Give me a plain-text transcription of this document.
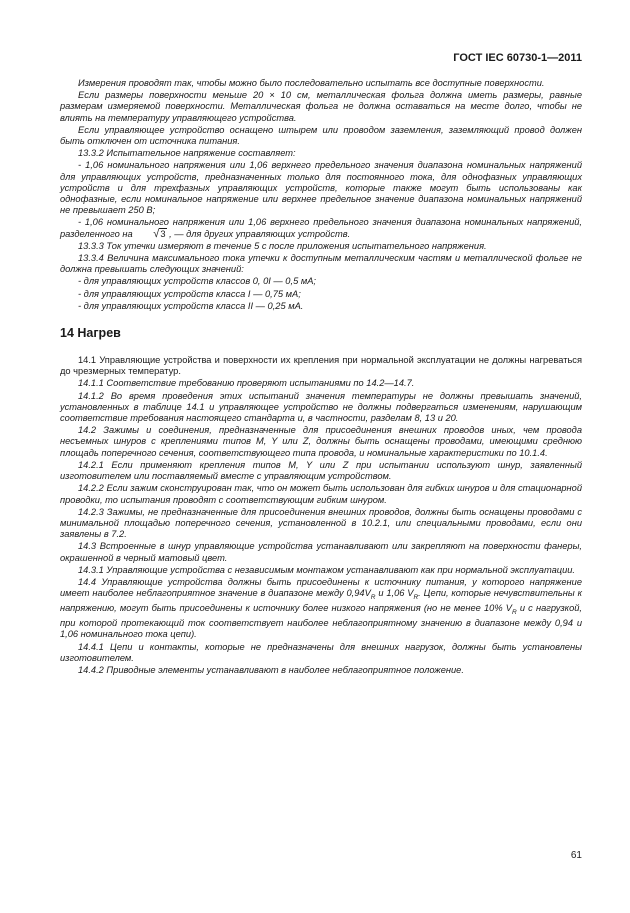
ГОСТ IEC 60730-1—2011

Измерения проводят так, чтобы можно было последовательно испытать все доступные поверхности.

Если размеры поверхности меньше 20 × 10 см, металлическая фольга должна иметь размеры, равные размерам измеряемой поверхности. Металлическая фольга не должна оставаться на месте долго, чтобы не влиять на температуру управляющего устройства.

Если управляющее устройство оснащено штырем или проводом заземления, заземляющий провод должен быть отключен от источника питания.

13.3.2 Испытательное напряжение составляет:

- 1,06 номинального напряжения или 1,06 верхнего предельного значения диапазона номинальных напряжений для управляющих устройств, предназначенных только для постоянного тока, для однофазных управляющих устройств и для трехфазных управляющих устройств, которые также могут быть использованы как однофазные, если номинальное напряжение или верхнее предельное значение диапазона номинальных напряжений не превышает 250 В;

- 1,06 номинального напряжения или 1,06 верхнего предельного значения диапазона номинальных напряжений, разделенного на √3 , — для других управляющих устройств.

13.3.3 Ток утечки измеряют в течение 5 с после приложения испытательного напряжения.

13.3.4 Величина максимального тока утечки к доступным металлическим частям и металлической фольге не должна превышать следующих значений:

- для управляющих устройств классов 0, 0I — 0,5 мА;

- для управляющих устройств класса I — 0,75 мА;

- для управляющих устройств класса II — 0,25 мА.

14 Нагрев

14.1 Управляющие устройства и поверхности их крепления при нормальной эксплуатации не должны нагреваться до чрезмерных температур.

14.1.1 Соответствие требованию проверяют испытаниями по 14.2—14.7.

14.1.2 Во время проведения этих испытаний значения температуры не должны превышать значений, установленных в таблице 14.1 и управляющее устройство не должны подвергаться изменениям, нарушающим соответствие требования настоящего стандарта и, в частности, разделам 8, 13 и 20.

14.2 Зажимы и соединения, предназначенные для присоединения внешних проводов иных, чем провода несъемных шнуров с креплениями типов M, Y или Z, должны быть оснащены проводами, имеющими среднюю площадь поперечного сечения, соответствующего типа провода, и номинальные характеристики по 10.1.4.

14.2.1 Если применяют крепления типов M, Y или Z при испытании используют шнур, заявленный изготовителем или поставляемый вместе с управляющим устройством.

14.2.2 Если зажим сконструирован так, что он может быть использован для гибких шнуров и для стационарной проводки, то испытания проводят с соответствующим гибким шнуром.

14.2.3 Зажимы, не предназначенные для присоединения внешних проводов, должны быть оснащены проводами с минимальной площадью поперечного сечения, установленной в 10.2.1, или специальными проводами, если они заявлены в 7.2.

14.3 Встроенные в шнур управляющие устройства устанавливают или закрепляют на поверхности фанеры, окрашенной в черный матовый цвет.

14.3.1 Управляющие устройства с независимым монтажом устанавливают как при нормальной эксплуатации.

14.4 Управляющие устройства должны быть присоединены к источнику питания, у которого напряжение имеет наиболее неблагоприятное значение в диапазоне между $0,94V_R$ и 1,06 $V_R$. Цепи, которые нечувствительны к напряжению, могут быть присоединены к источнику более низкого напряжения (но не менее 10% $V_R$ и с нагрузкой, при которой протекающий ток соответствует наиболее неблагоприятному значению в диапазоне между 0,94 и 1,06 номинального тока цепи).

14.4.1 Цепи и контакты, которые не предназначены для внешних нагрузок, должны быть установлены изготовителем.

14.4.2 Приводные элементы устанавливают в наиболее неблагоприятное положение.

61
